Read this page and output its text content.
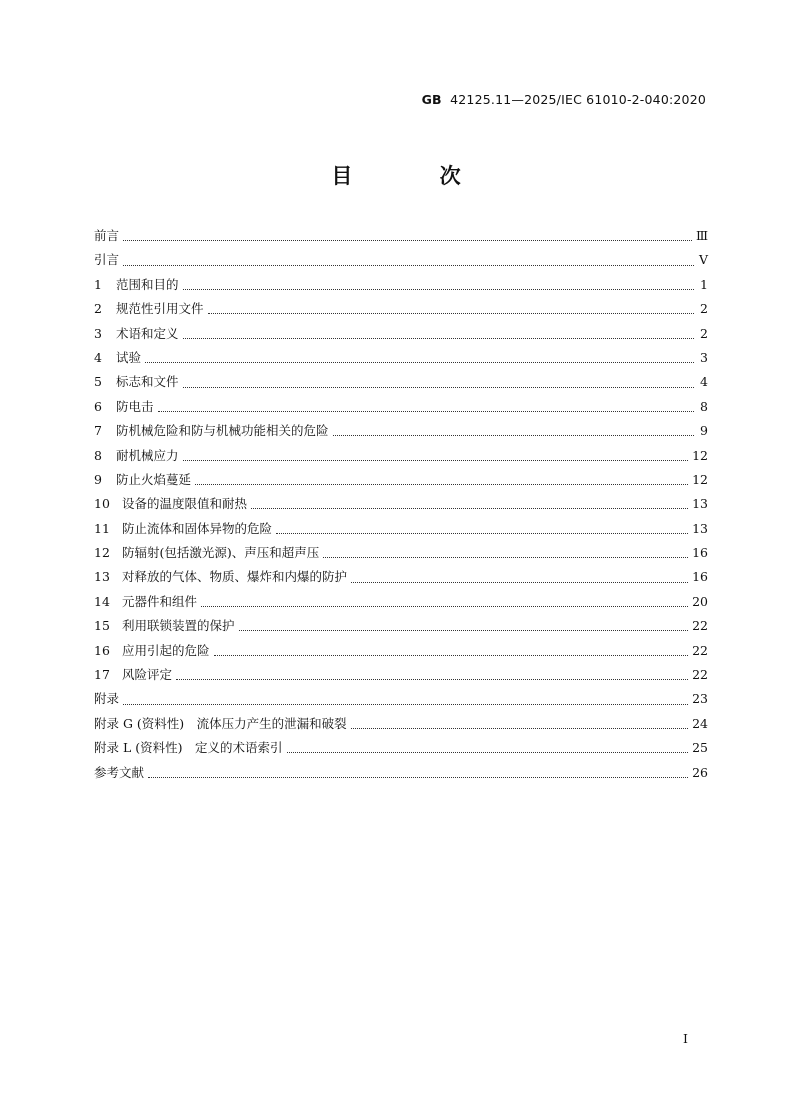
GB 42125.11—2025/IEC 61010-2-040:2020
目 次
前言	Ⅲ
引言	V
1	范围和目的	1
2	规范性引用文件	2
3	术语和定义	2
4	试验	3
5	标志和文件	4
6	防电击	8
7	防机械危险和防与机械功能相关的危险	9
8	耐机械应力	12
9	防止火焰蔓延	12
10 设备的温度限值和耐热	13
11 防止流体和固体异物的危险	13
12 防辐射(包括激光源)、声压和超声压	16
13 对释放的气体、物质、爆炸和内爆的防护	16
14 元器件和组件	20
15 利用联锁装置的保护	22
16 应用引起的危险	22
17 风险评定	22
附录	23
附录 G (资料性)　流体压力产生的泄漏和破裂	24
附录 L (资料性)　定义的术语索引	25
参考文献	26
I
